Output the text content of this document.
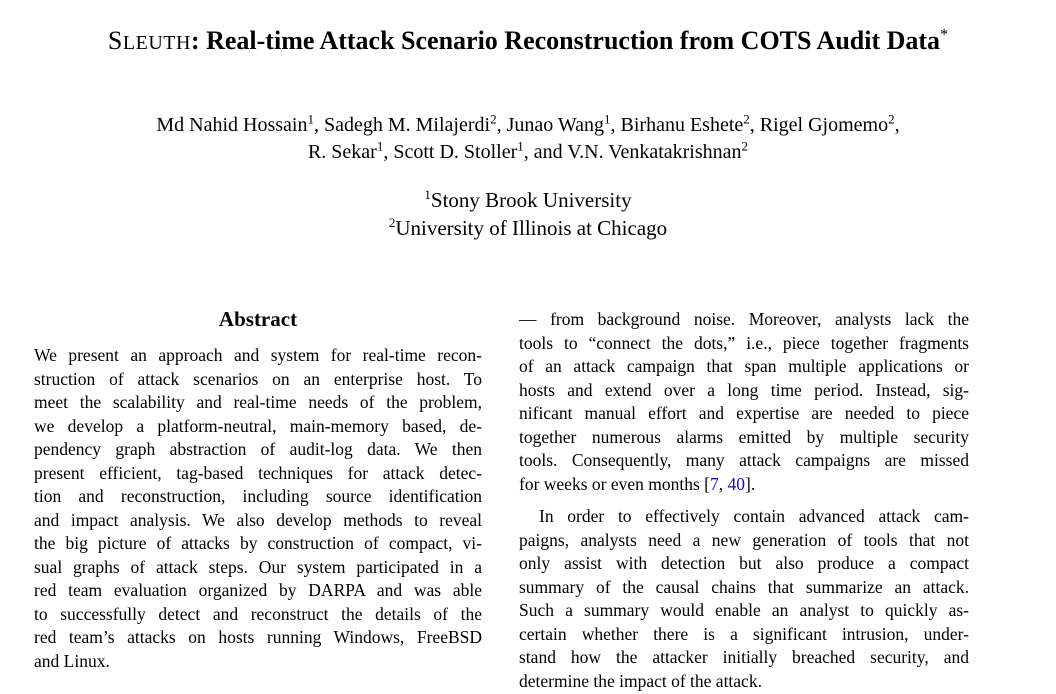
SLEUTH: Real-time Attack Scenario Reconstruction from COTS Audit Data*
Md Nahid Hossain$^1$, Sadegh M. Milajerdi$^2$, Junao Wang$^1$, Birhanu Eshete$^2$, Rigel Gjomemo$^2$,
R. Sekar$^1$, Scott D. Stoller$^1$, and V.N. Venkatakrishnan$^2$
$^1$Stony Brook University
$^2$University of Illinois at Chicago
Abstract
We present an approach and system for real-time recon-
struction of attack scenarios on an enterprise host. To
meet the scalability and real-time needs of the problem,
we develop a platform-neutral, main-memory based, de-
pendency graph abstraction of audit-log data. We then
present efficient, tag-based techniques for attack detec-
tion and reconstruction, including source identification
and impact analysis. We also develop methods to reveal
the big picture of attacks by construction of compact, vi-
sual graphs of attack steps. Our system participated in a
red team evaluation organized by DARPA and was able
to successfully detect and reconstruct the details of the
red team’s attacks on hosts running Windows, FreeBSD
and Linux.
— from background noise. Moreover, analysts lack the
tools to “connect the dots,” i.e., piece together fragments
of an attack campaign that span multiple applications or
hosts and extend over a long time period. Instead, sig-
nificant manual effort and expertise are needed to piece
together numerous alarms emitted by multiple security
tools. Consequently, many attack campaigns are missed
for weeks or even months [7, 40].
In order to effectively contain advanced attack cam-
paigns, analysts need a new generation of tools that not
only assist with detection but also produce a compact
summary of the causal chains that summarize an attack.
Such a summary would enable an analyst to quickly as-
certain whether there is a significant intrusion, under-
stand how the attacker initially breached security, and
determine the impact of the attack.
